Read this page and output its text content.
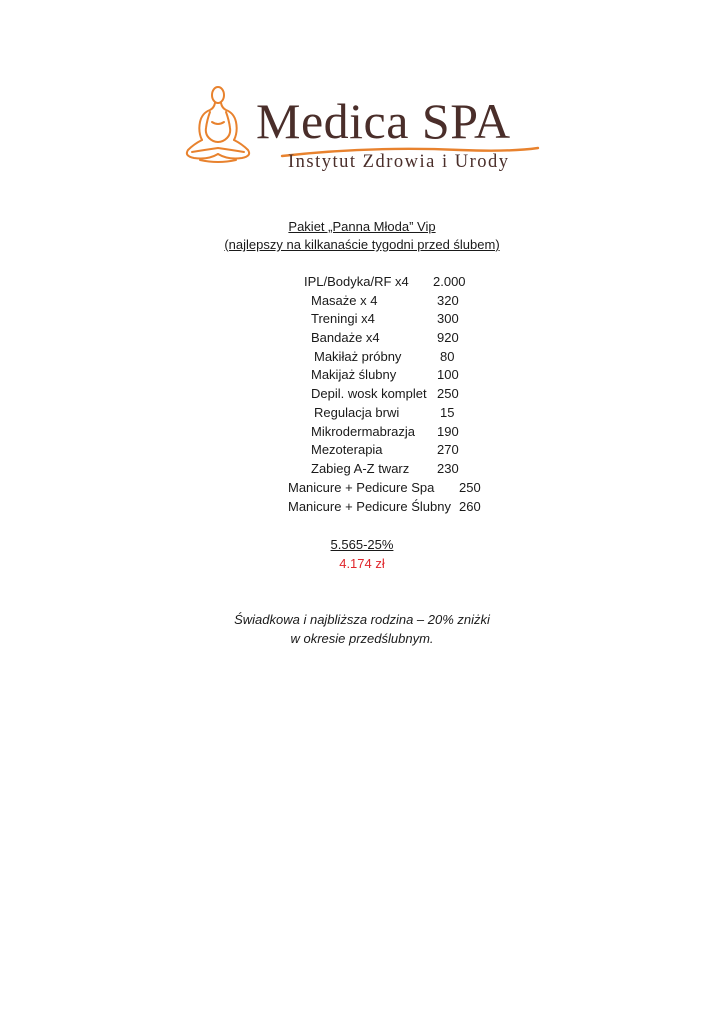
Medica SPA
Instytut Zdrowia i Urody
Pakiet „Panna Młoda” Vip
(najlepszy na kilkanaście tygodni przed ślubem)
IPL/Bodyka/RF x4 2.000
Masaże x 4	320
Treningi x4	300
Bandaże x4	920
Makiłaż próbny	80
Makijaż ślubny	100
Depil. wosk komplet 250
Regulacja brwi	15
Mikrodermabrazja 190
Mezoterapia	270
Zabieg A-Z twarz 230
Manicure + Pedicure Spa 250
Manicure + Pedicure Ślubny 260
5.565-25%
4.174 zł
Świadkowa i najbliższa rodzina – 20% zniżki
w okresie przedślubnym.
